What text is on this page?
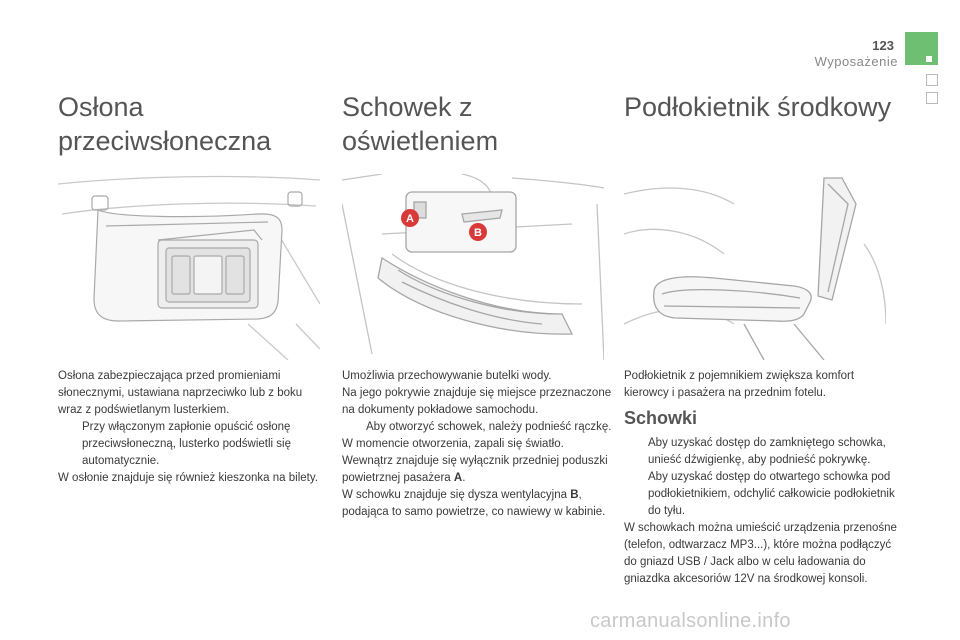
123
Wyposażenie
Osłona przeciwsłoneczna

Osłona zabezpieczająca przed promieniami słonecznymi, ustawiana naprzeciwko lub z boku wraz z podświetlanym lusterkiem.

Przy włączonym zapłonie opuścić osłonę przeciwsłoneczną, lusterko podświetli się automatycznie.

W osłonie znajduje się również kieszonka na bilety.

Schowek z oświetleniem
A
B

Umożliwia przechowywanie butelki wody.

Na jego pokrywie znajduje się miejsce przeznaczone na dokumenty pokładowe samochodu.

Aby otworzyć schowek, należy podnieść rączkę.

W momencie otworzenia, zapali się światło.

Wewnątrz znajduje się wyłącznik przedniej poduszki powietrznej pasażera A.

W schowku znajduje się dysza wentylacyjna B, podająca to samo powietrze, co nawiewy w kabinie.

Podłokietnik środkowy

Podłokietnik z pojemnikiem zwiększa komfort kierowcy i pasażera na przednim fotelu.

Schowki

Aby uzyskać dostęp do zamkniętego schowka, unieść dźwigienkę, aby podnieść pokrywkę.

Aby uzyskać dostęp do otwartego schowka pod podłokietnikiem, odchylić całkowicie podłokietnik do tyłu.

W schowkach można umieścić urządzenia przenośne (telefon, odtwarzacz MP3...), które można podłączyć do gniazd USB / Jack albo w celu ładowania do gniazdka akcesoriów 12V na środkowej konsoli.

carmanualsonline.info
